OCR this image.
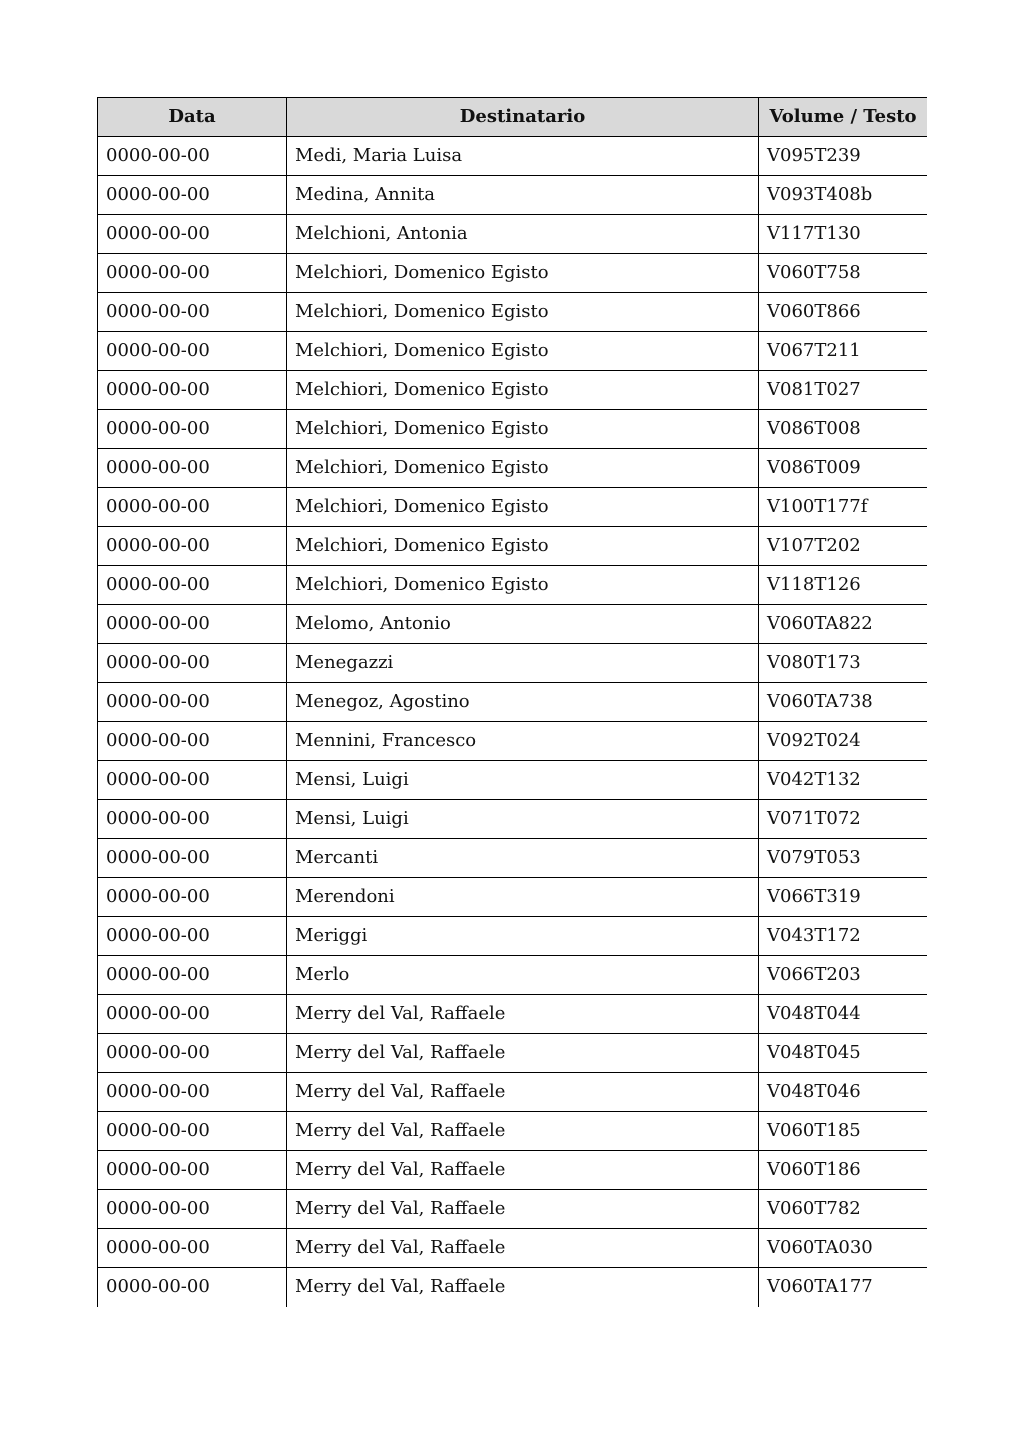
Data	Destinatario	Volume / Testo
0000-00-00	Medi, Maria Luisa	V095T239
0000-00-00	Medina, Annita	V093T408b
0000-00-00	Melchioni, Antonia	V117T130
0000-00-00	Melchiori, Domenico Egisto	V060T758
0000-00-00	Melchiori, Domenico Egisto	V060T866
0000-00-00	Melchiori, Domenico Egisto	V067T211
0000-00-00	Melchiori, Domenico Egisto	V081T027
0000-00-00	Melchiori, Domenico Egisto	V086T008
0000-00-00	Melchiori, Domenico Egisto	V086T009
0000-00-00	Melchiori, Domenico Egisto	V100T177f
0000-00-00	Melchiori, Domenico Egisto	V107T202
0000-00-00	Melchiori, Domenico Egisto	V118T126
0000-00-00	Melomo, Antonio	V060TA822
0000-00-00	Menegazzi	V080T173
0000-00-00	Menegoz, Agostino	V060TA738
0000-00-00	Mennini, Francesco	V092T024
0000-00-00	Mensi, Luigi	V042T132
0000-00-00	Mensi, Luigi	V071T072
0000-00-00	Mercanti	V079T053
0000-00-00	Merendoni	V066T319
0000-00-00	Meriggi	V043T172
0000-00-00	Merlo	V066T203
0000-00-00	Merry del Val, Raffaele	V048T044
0000-00-00	Merry del Val, Raffaele	V048T045
0000-00-00	Merry del Val, Raffaele	V048T046
0000-00-00	Merry del Val, Raffaele	V060T185
0000-00-00	Merry del Val, Raffaele	V060T186
0000-00-00	Merry del Val, Raffaele	V060T782
0000-00-00	Merry del Val, Raffaele	V060TA030
0000-00-00	Merry del Val, Raffaele	V060TA177
